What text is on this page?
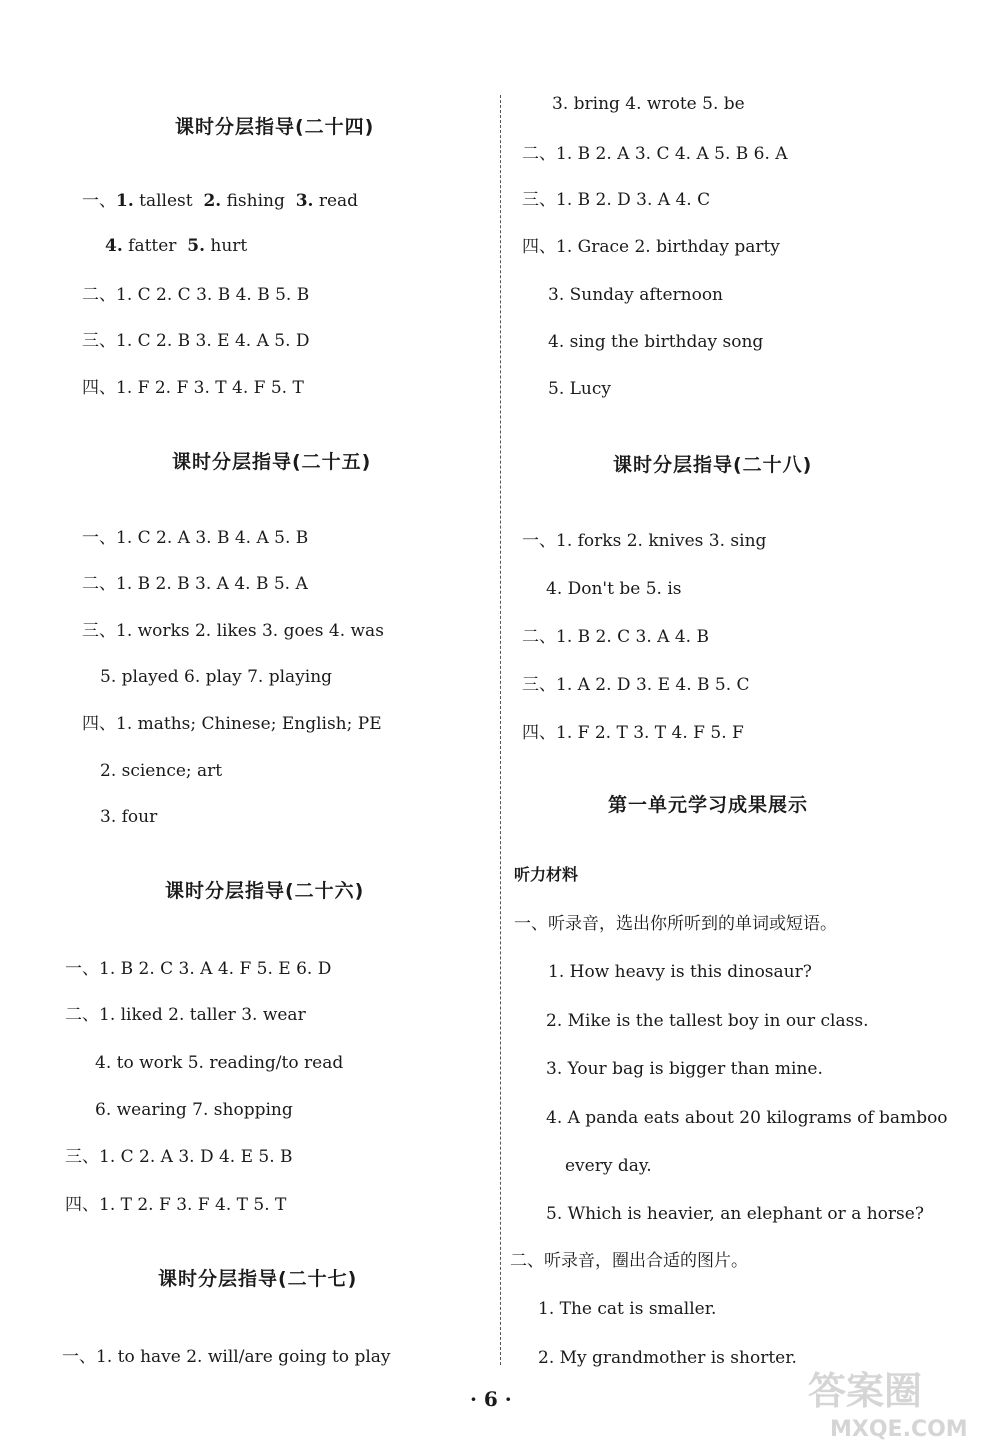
课时分层指导(二十四)
一、1. tallest 2. fishing 3. read
4. fatter 5. hurt
二、1. C 2. C 3. B 4. B 5. B
三、1. C 2. B 3. E 4. A 5. D
四、1. F 2. F 3. T 4. F 5. T
课时分层指导(二十五)
一、1. C 2. A 3. B 4. A 5. B
二、1. B 2. B 3. A 4. B 5. A
三、1. works 2. likes 3. goes 4. was
5. played 6. play 7. playing
四、1. maths; Chinese; English; PE
2. science; art
3. four
课时分层指导(二十六)
一、1. B 2. C 3. A 4. F 5. E 6. D
二、1. liked 2. taller 3. wear
4. to work 5. reading/to read
6. wearing 7. shopping
三、1. C 2. A 3. D 4. E 5. B
四、1. T 2. F 3. F 4. T 5. T
课时分层指导(二十七)
一、1. to have 2. will/are going to play
3. bring 4. wrote 5. be
二、1. B 2. A 3. C 4. A 5. B 6. A
三、1. B 2. D 3. A 4. C
四、1. Grace 2. birthday party
3. Sunday afternoon
4. sing the birthday song
5. Lucy
课时分层指导(二十八)
一、1. forks 2. knives 3. sing
4. Don't be 5. is
二、1. B 2. C 3. A 4. B
三、1. A 2. D 3. E 4. B 5. C
四、1. F 2. T 3. T 4. F 5. F
第一单元学习成果展示
听力材料
一、听录音，选出你所听到的单词或短语。
1. How heavy is this dinosaur?
2. Mike is the tallest boy in our class.
3. Your bag is bigger than mine.
4. A panda eats about 20 kilograms of bamboo
every day.
5. Which is heavier, an elephant or a horse?
二、听录音，圈出合适的图片。
1. The cat is smaller.
2. My grandmother is shorter.
· 6 ·	答案圈
MXQE.COM
